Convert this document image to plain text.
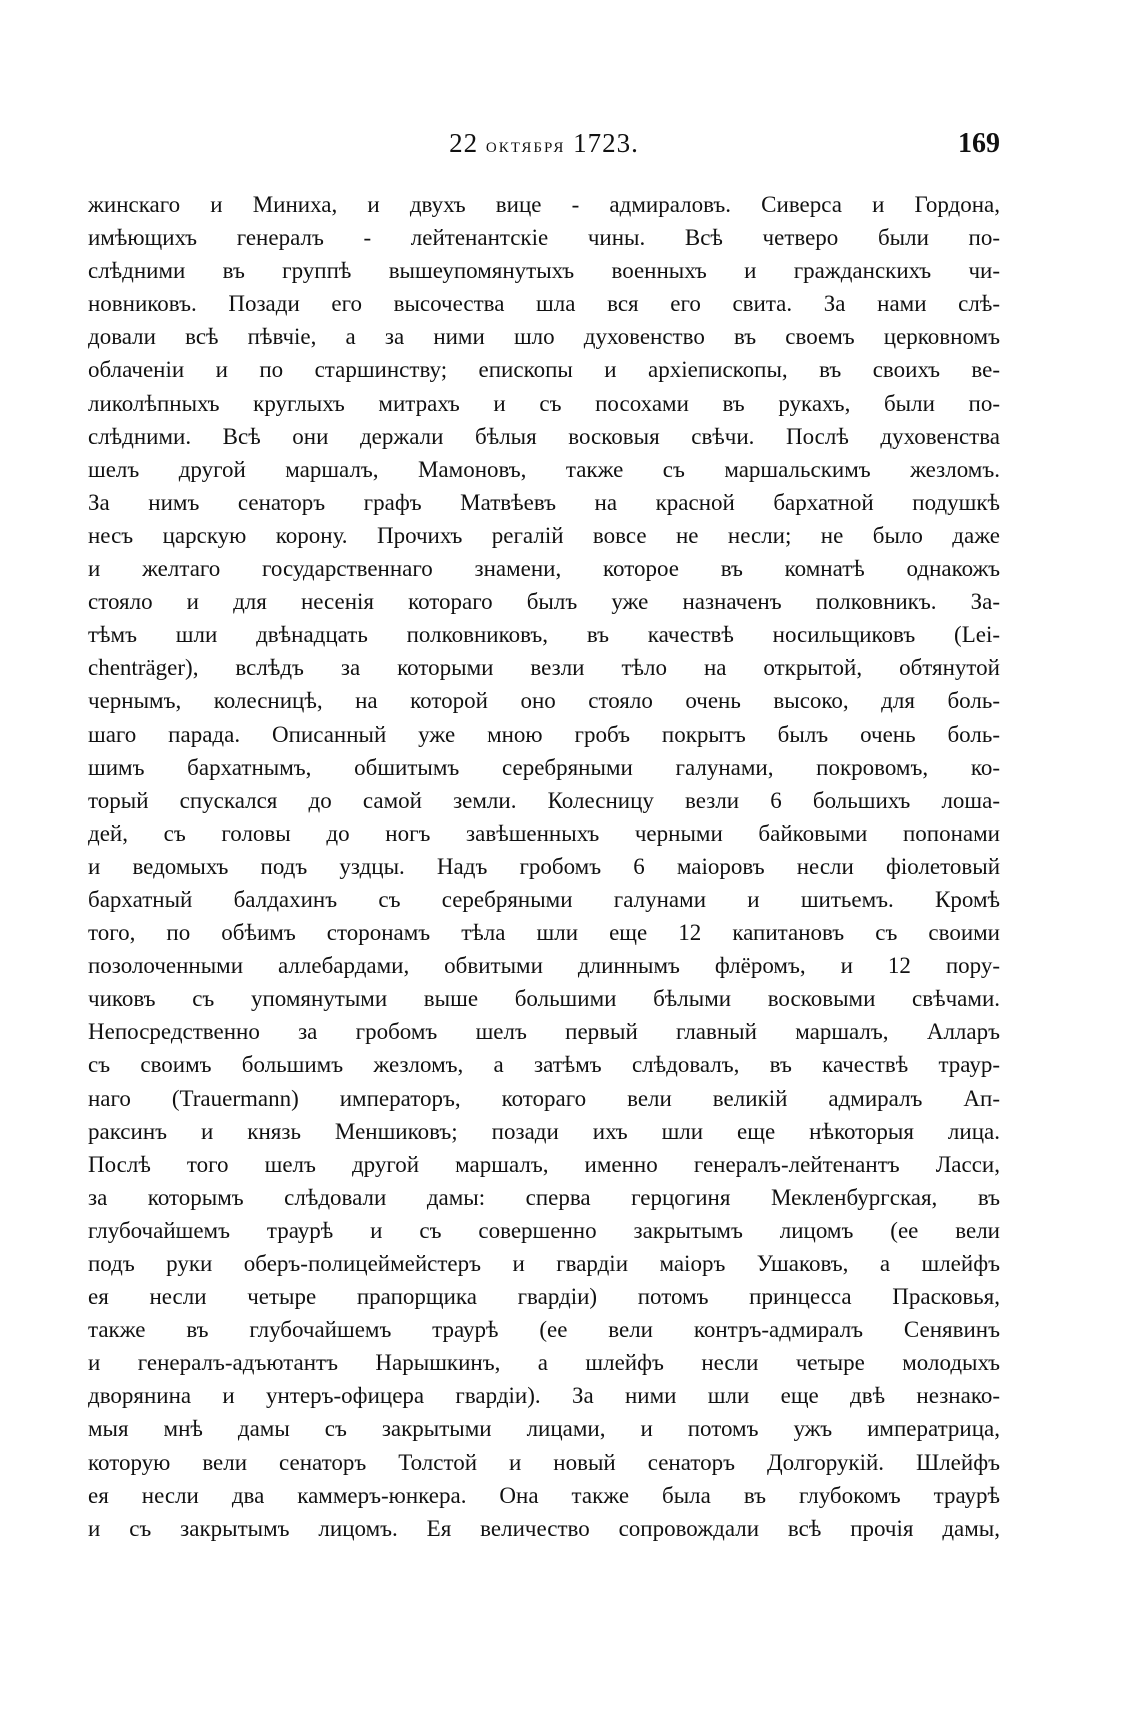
22 октября 1723.	169
жинскаго и Миниха, и двухъ вице - адмираловъ. Сиверса и Гордона,
имѣющихъ генералъ - лейтенантскіе чины. Всѣ четверо были по-
слѣдними въ группѣ вышеупомянутыхъ военныхъ и гражданскихъ чи-
новниковъ. Позади его высочества шла вся его свита. За нами слѣ-
довали всѣ пѣвчіе, а за ними шло духовенство въ своемъ церковномъ
облаченіи и по старшинству; епископы и архіепископы, въ своихъ ве-
ликолѣпныхъ круглыхъ митрахъ и съ посохами въ рукахъ, были по-
слѣдними. Всѣ они держали бѣлыя восковыя свѣчи. Послѣ духовенства
шелъ другой маршалъ, Мамоновъ, также съ маршальскимъ жезломъ.
За нимъ сенаторъ графъ Матвѣевъ на красной бархатной подушкѣ
несъ царскую корону. Прочихъ регалій вовсе не несли; не было даже
и желтаго государственнаго знамени, которое въ комнатѣ однакожъ
стояло и для несенія котораго былъ уже назначенъ полковникъ. За-
тѣмъ шли двѣнадцать полковниковъ, въ качествѣ носильщиковъ (Lei-
chenträger), вслѣдъ за которыми везли тѣло на открытой, обтянутой
чернымъ, колесницѣ, на которой оно стояло очень высоко, для боль-
шаго парада. Описанный уже мною гробъ покрытъ былъ очень боль-
шимъ бархатнымъ, обшитымъ серебряными галунами, покровомъ, ко-
торый спускался до самой земли. Колесницу везли 6 большихъ лоша-
дей, съ головы до ногъ завѣшенныхъ черными байковыми попонами
и ведомыхъ подъ уздцы. Надъ гробомъ 6 маіоровъ несли фіолетовый
бархатный балдахинъ съ серебряными галунами и шитьемъ. Кромѣ
того, по обѣимъ сторонамъ тѣла шли еще 12 капитановъ съ своими
позолоченными аллебардами, обвитыми длиннымъ флёромъ, и 12 пору-
чиковъ съ упомянутыми выше большими бѣлыми восковыми свѣчами.
Непосредственно за гробомъ шелъ первый главный маршалъ, Алларъ
съ своимъ большимъ жезломъ, а затѣмъ слѣдовалъ, въ качествѣ траур-
наго (Trauermann) императоръ, котораго вели великій адмиралъ Ап-
раксинъ и князь Меншиковъ; позади ихъ шли еще нѣкоторыя лица.
Послѣ того шелъ другой маршалъ, именно генералъ-лейтенантъ Ласси,
за которымъ слѣдовали дамы: сперва герцогиня Мекленбургская, въ
глубочайшемъ траурѣ и съ совершенно закрытымъ лицомъ (ее вели
подъ руки оберъ-полицеймейстеръ и гвардіи маіоръ Ушаковъ, а шлейфъ
ея несли четыре прапорщика гвардіи) потомъ принцесса Прасковья,
также въ глубочайшемъ траурѣ (ее вели контръ-адмиралъ Сенявинъ
и генералъ-адъютантъ Нарышкинъ, а шлейфъ несли четыре молодыхъ
дворянина и унтеръ-офицера гвардіи). За ними шли еще двѣ незнако-
мыя мнѣ дамы съ закрытыми лицами, и потомъ ужъ императрица,
которую вели сенаторъ Толстой и новый сенаторъ Долгорукій. Шлейфъ
ея несли два каммеръ-юнкера. Она также была въ глубокомъ траурѣ
и съ закрытымъ лицомъ. Ея величество сопровождали всѣ прочія дамы,
